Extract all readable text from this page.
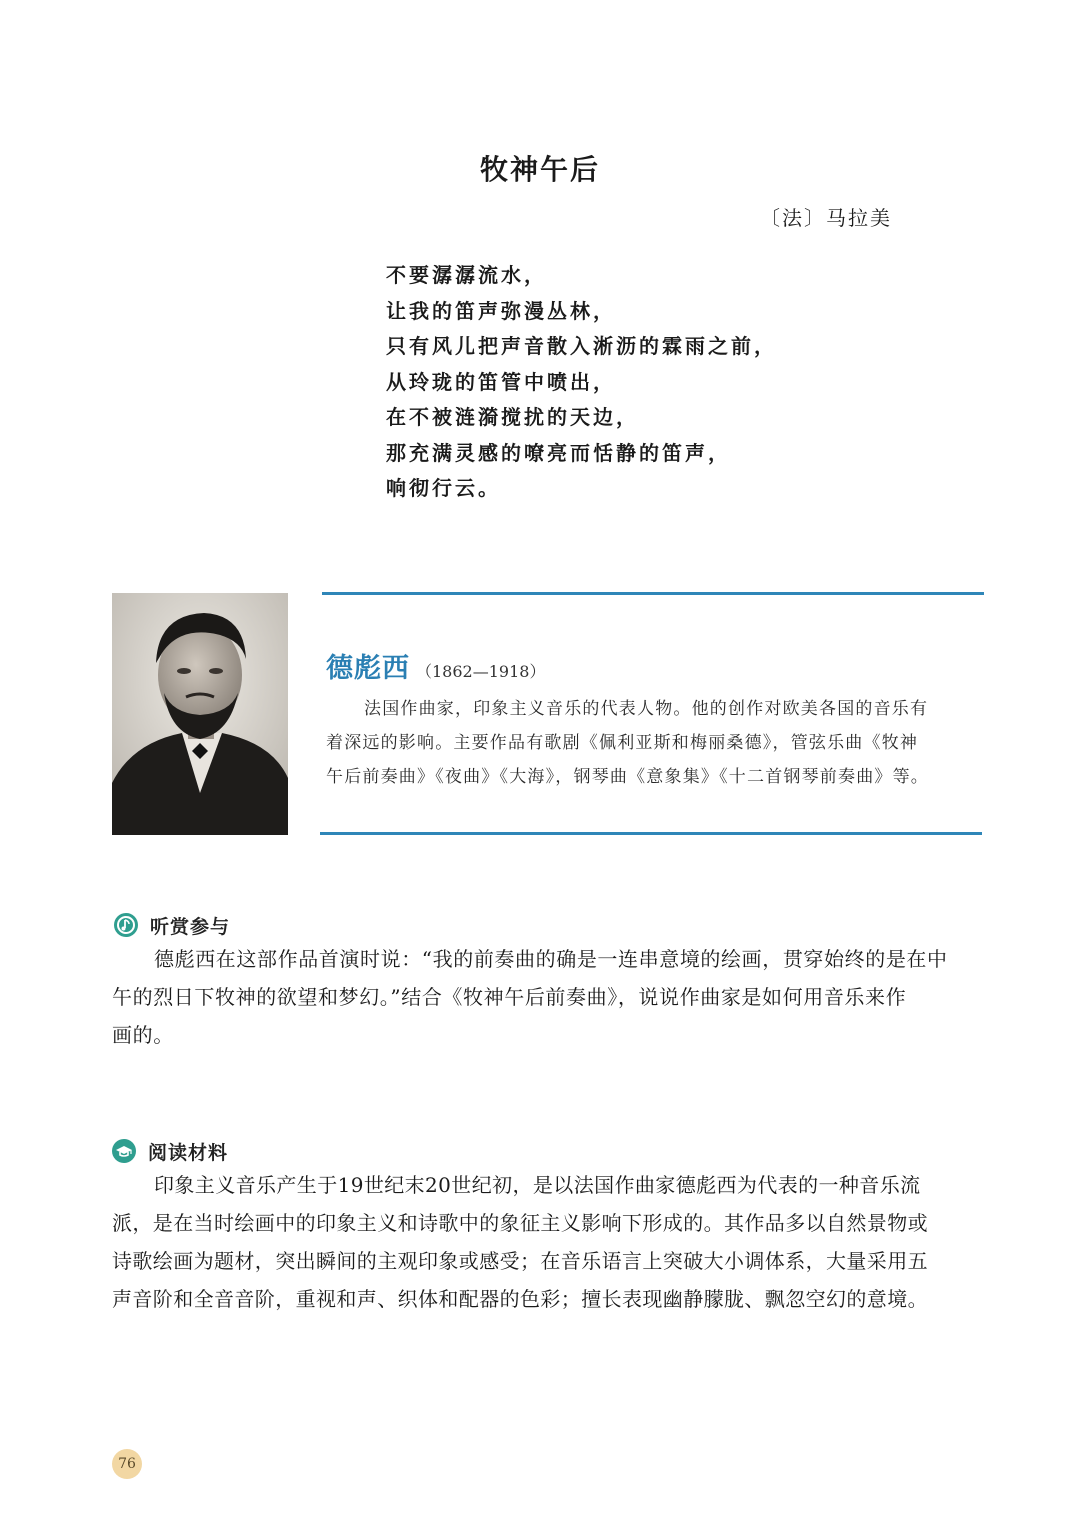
牧神午后
〔法〕马拉美
不要潺潺流水，
让我的笛声弥漫丛林，
只有风儿把声音散入淅沥的霖雨之前，
从玲珑的笛管中喷出，
在不被涟漪搅扰的天边，
那充满灵感的嘹亮而恬静的笛声，
响彻行云。
德彪西 （1862—1918）
法国作曲家，印象主义音乐的代表人物。他的创作对欧美各国的音乐有
着深远的影响。主要作品有歌剧《佩利亚斯和梅丽桑德》，管弦乐曲《牧神
午后前奏曲》《夜曲》《大海》，钢琴曲《意象集》《十二首钢琴前奏曲》等。
听赏参与
德彪西在这部作品首演时说：“我的前奏曲的确是一连串意境的绘画，贯穿始终的是在中
午的烈日下牧神的欲望和梦幻。”结合《牧神午后前奏曲》，说说作曲家是如何用音乐来作
画的。
阅读材料
印象主义音乐产生于19世纪末20世纪初，是以法国作曲家德彪西为代表的一种音乐流
派，是在当时绘画中的印象主义和诗歌中的象征主义影响下形成的。其作品多以自然景物或
诗歌绘画为题材，突出瞬间的主观印象或感受；在音乐语言上突破大小调体系，大量采用五
声音阶和全音音阶，重视和声、织体和配器的色彩；擅长表现幽静朦胧、飘忽空幻的意境。
76
